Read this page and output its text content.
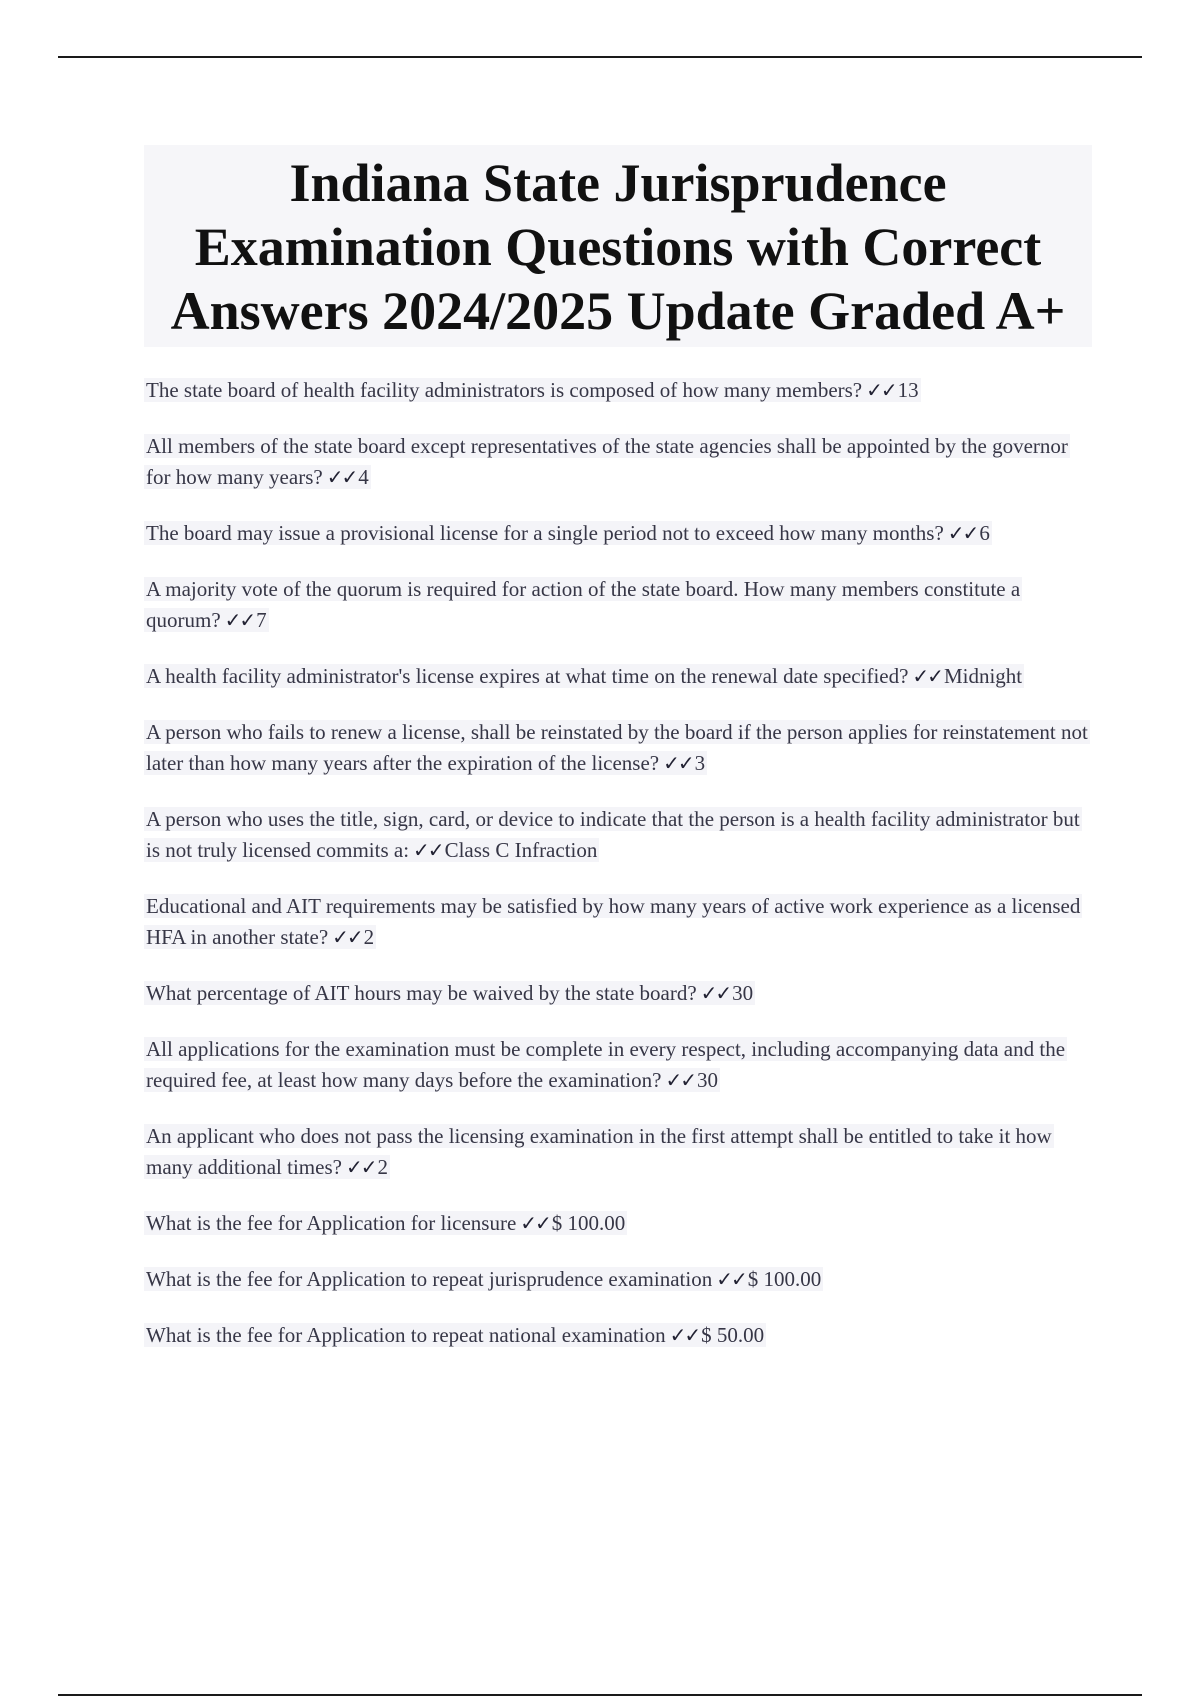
Indiana State Jurisprudence
Examination Questions with Correct
Answers 2024/2025 Update Graded A+
The state board of health facility administrators is composed of how many members? ✓✓13
All members of the state board except representatives of the state agencies shall be appointed by the governor for how many years? ✓✓4
The board may issue a provisional license for a single period not to exceed how many months? ✓✓6
A majority vote of the quorum is required for action of the state board. How many members constitute a quorum? ✓✓7
A health facility administrator's license expires at what time on the renewal date specified? ✓✓Midnight
A person who fails to renew a license, shall be reinstated by the board if the person applies for reinstatement not later than how many years after the expiration of the license? ✓✓3
A person who uses the title, sign, card, or device to indicate that the person is a health facility administrator but is not truly licensed commits a: ✓✓Class C Infraction
Educational and AIT requirements may be satisfied by how many years of active work experience as a licensed HFA in another state? ✓✓2
What percentage of AIT hours may be waived by the state board? ✓✓30
All applications for the examination must be complete in every respect, including accompanying data and the required fee, at least how many days before the examination? ✓✓30
An applicant who does not pass the licensing examination in the first attempt shall be entitled to take it how many additional times? ✓✓2
What is the fee for Application for licensure ✓✓$ 100.00
What is the fee for Application to repeat jurisprudence examination ✓✓$ 100.00
What is the fee for Application to repeat national examination ✓✓$ 50.00
